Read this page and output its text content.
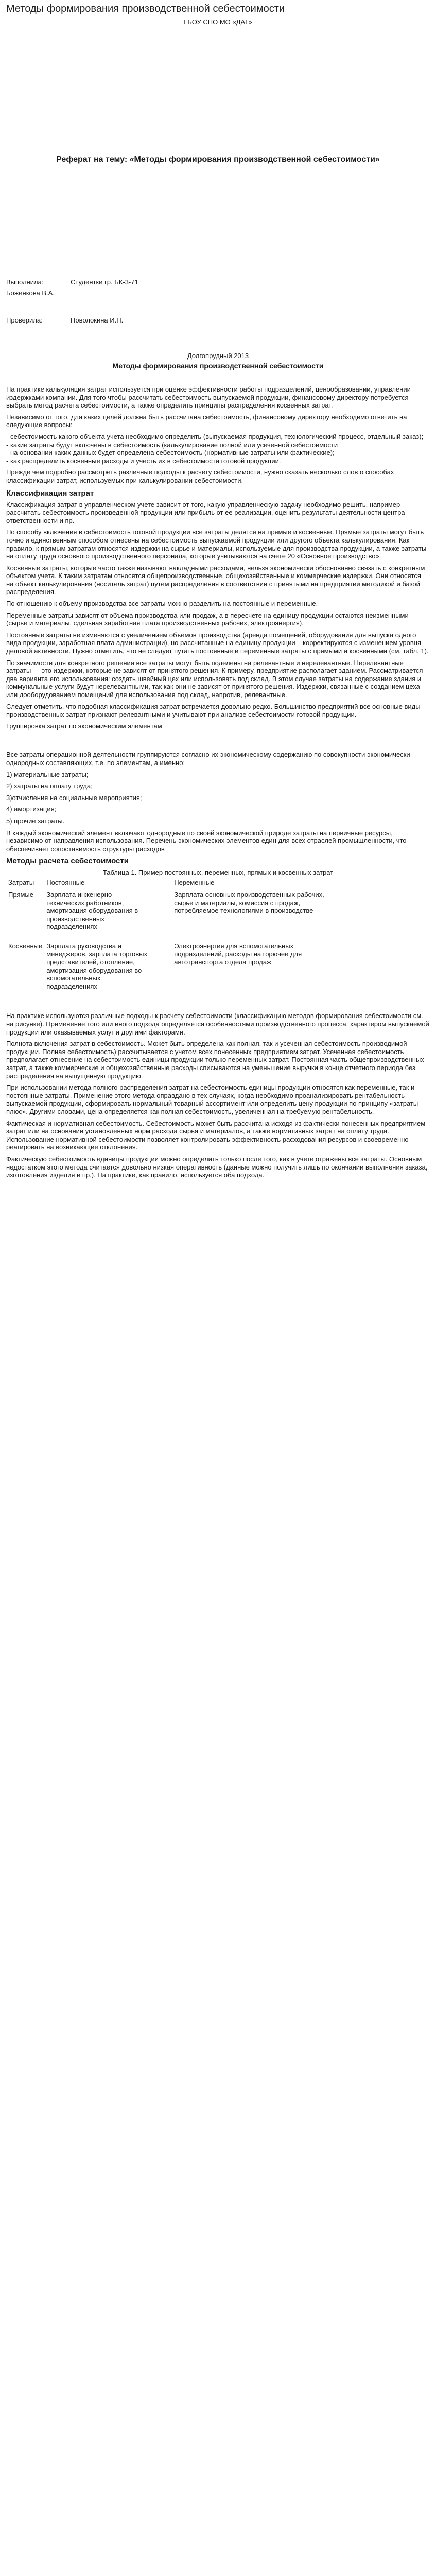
Методы формирования производственной себестоимости
ГБОУ СПО МО «ДАТ»
Реферат на тему: «Методы формирования производственной себестоимости»
Выполнила:	Студентки гр. БК-3-71
Боженкова В.А.
Проверила:	Новолокина И.Н.
Долгопрудный 2013
Методы формирования производственной себестоимости

На практике калькуляция затрат используется при оценке эффективности работы подразделений, ценообразовании, управлении издержками компании. Для того чтобы рассчитать себестоимость выпускаемой продукции, финансовому директору потребуется выбрать метод расчета себестоимости, а также определить принципы распределения косвенных затрат.

Независимо от того, для каких целей должна быть рассчитана себестоимость, финансовому директору необходимо ответить на следующие вопросы:

- себестоимость какого объекта учета необходимо определить (выпускаемая продукция, технологический процесс, отдельный заказ);

- какие затраты будут включены в себестоимость (калькулирование полной или усеченной себестоимости

- на основании каких данных будет определена себестоимость (нормативные затраты или фактические);

- как распределить косвенные расходы и учесть их в себестоимости готовой продукции.

Прежде чем подробно рассмотреть различные подходы к расчету себестоимости, нужно сказать несколько слов о способах классификации затрат, используемых при калькулировании себестоимости.

Классификация затрат

Классификация затрат в управленческом учете зависит от того, какую управленческую задачу необходимо решить, например рассчитать себестоимость произведенной продукции или прибыль от ее реализации, оценить результаты деятельности центра ответственности и пр.

По способу включения в себестоимость готовой продукции все затраты делятся на прямые и косвенные. Прямые затраты могут быть точно и единственным способом отнесены на себестоимость выпускаемой продукции или другого объекта калькулирования. Как правило, к прямым затратам относятся издержки на сырье и материалы, используемые для производства продукции, а также затраты на оплату труда основного производственного персонала, которые учитываются на счете 20 «Основное производство».

Косвенные затраты, которые часто также называют накладными расходами, нельзя экономически обоснованно связать с конкретным объектом учета. К таким затратам относятся общепроизводственные, общехозяйственные и коммерческие издержки. Они относятся на объект калькулирования (носитель затрат) путем распределения в соответствии с принятыми на предприятии методикой и базой распределения.

По отношению к объему производства все затраты можно разделить на постоянные и переменные.

Переменные затраты зависят от объема производства или продаж, а в пересчете на единицу продукции остаются неизменными (сырье и материалы, сдельная заработная плата производственных рабочих, электроэнергия).

Постоянные затраты не изменяются с увеличением объемов производства (аренда помещений, оборудования для выпуска одного вида продукции, заработная плата администрации), но рассчитанные на единицу продукции – корректируются с изменением уровня деловой активности. Нужно отметить, что не следует путать постоянные и переменные затраты с прямыми и косвенными (см. табл. 1).

По значимости для конкретного решения все затраты могут быть поделены на релевантные и нерелевантные. Нерелевантные затраты — это издержки, которые не зависят от принятого решения. К примеру, предприятие располагает зданием. Рассматривается два варианта его использования: создать швейный цех или использовать под склад. В этом случае затраты на содержание здания и коммунальные услуги будут нерелевантными, так как они не зависят от принятого решения. Издержки, связанные с созданием цеха или дооборудованием помещений для использования под склад, напротив, релевантные.

Следует отметить, что подобная классификация затрат встречается довольно редко. Большинство предприятий все основные виды производственных затрат признают релевантными и учитывают при анализе себестоимости готовой продукции.

Группировка затрат по экономическим элементам

Все затраты операционной деятельности группируются согласно их экономическому содержанию по совокупности экономически однородных составляющих, т.е. по элементам, а именно:

1) материальные затраты;

2) затраты на оплату труда;

3)отчисления на социальные мероприятия;

4) амортизация;

5) прочие затраты.

В каждый экономический элемент включают однородные по своей экономической природе затраты на первичные ресурсы, независимо от направления использования. Перечень экономических элементов един для всех отраслей промышленности, что обеспечивает сопоставимость структуры расходов

Методы расчета себестоимости
Таблица 1. Пример постоянных, переменных, прямых и косвенных затрат
Затраты	Постоянные	Переменные
Прямые	Зарплата инженерно-технических работников, амортизация оборудования в производственных подразделениях	Зарплата основных производственных рабочих, сырье и материалы, комиссия с продаж, потребляемое технологиями в производстве
Косвенные	Зарплата руководства и менеджеров, зарплата торговых представителей, отопление, амортизация оборудования во вспомогательных подразделениях	Электроэнергия для вспомогательных подразделений, расходы на горючее для автотранспорта отдела продаж

На практике используются различные подходы к расчету себестоимости (классификацию методов формирования себестоимости см. на рисунке). Применение того или иного подхода определяется особенностями производственного процесса, характером выпускаемой продукции или оказываемых услуг и другими факторами.

Полнота включения затрат в себестоимость. Может быть определена как полная, так и усеченная себестоимость производимой продукции. Полная себестоимость) рассчитывается с учетом всех понесенных предприятием затрат. Усеченная себестоимость предполагает отнесение на себестоимость единицы продукции только переменных затрат. Постоянная часть общепроизводственных затрат, а также коммерческие и общехозяйственные расходы списываются на уменьшение выручки в конце отчетного периода без распределения на выпущенную продукцию.

При использовании метода полного распределения затрат на себестоимость единицы продукции относятся как переменные, так и постоянные затраты. Применение этого метода оправдано в тех случаях, когда необходимо проанализировать рентабельность выпускаемой продукции, сформировать нормальный товарный ассортимент или определить цену продукции по принципу «затраты плюс». Другими словами, цена определяется как полная себестоимость, увеличенная на требуемую рентабельность.

Фактическая и нормативная себестоимость. Себестоимость может быть рассчитана исходя из фактически понесенных предприятием затрат или на основании установленных норм расхода сырья и материалов, а также нормативных затрат на оплату труда. Использование нормативной себестоимости позволяет контролировать эффективность расходования ресурсов и своевременно реагировать на возникающие отклонения.

Фактическую себестоимость единицы продукции можно определить только после того, как в учете отражены все затраты. Основным недостатком этого метода считается довольно низкая оперативность (данные можно получить лишь по окончании выполнения заказа, изготовления изделия и пр.). На практике, как правило, используется оба подхода.
